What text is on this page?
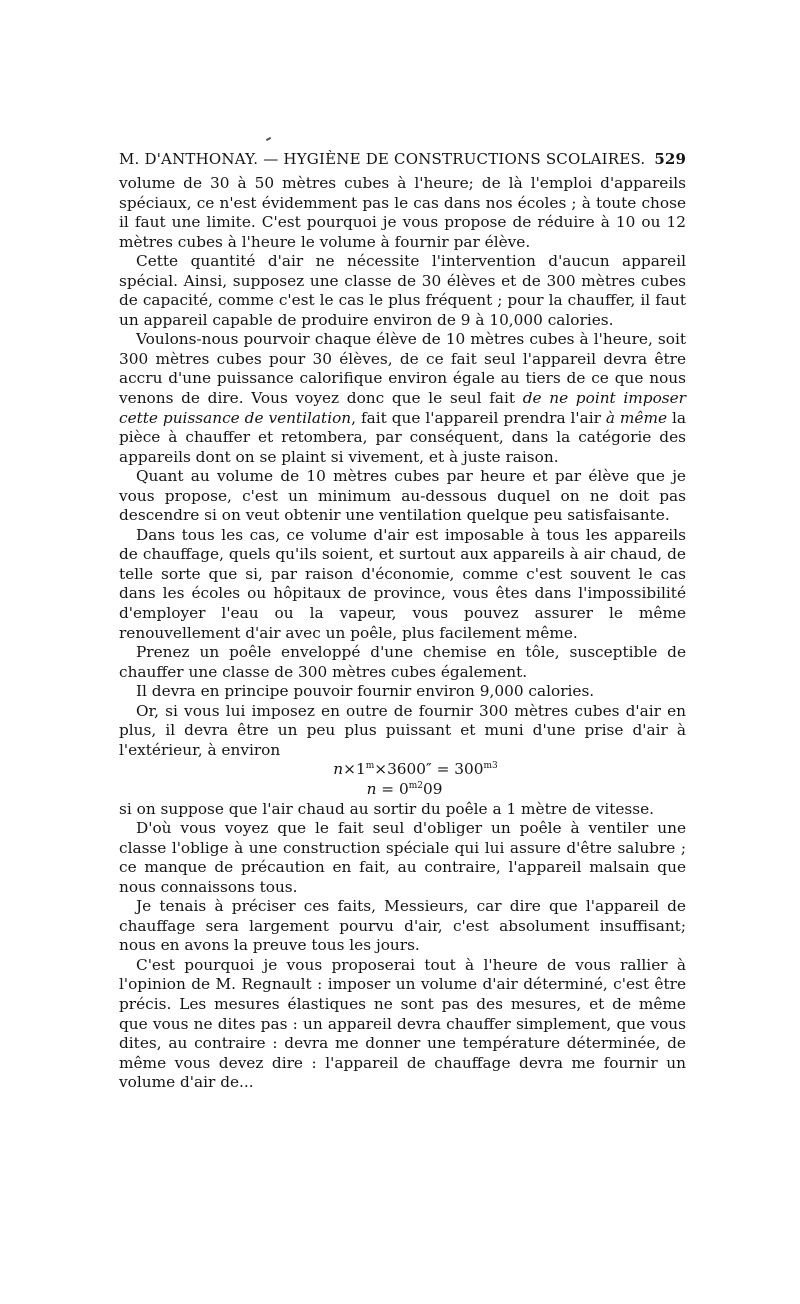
M. D'ANTHONAY. — HYGIÈNE DE CONSTRUCTIONS SCOLAIRES. 529

volume de 30 à 50 mètres cubes à l'heure; de là l'emploi d'appareils spéciaux, ce n'est évidemment pas le cas dans nos écoles ; à toute chose il faut une limite. C'est pourquoi je vous propose de réduire à 10 ou 12 mètres cubes à l'heure le volume à fournir par élève.

Cette quantité d'air ne nécessite l'intervention d'aucun appareil spécial. Ainsi, supposez une classe de 30 élèves et de 300 mètres cubes de capacité, comme c'est le cas le plus fréquent ; pour la chauffer, il faut un appareil capable de produire environ de 9 à 10,000 calories.

Voulons-nous pourvoir chaque élève de 10 mètres cubes à l'heure, soit 300 mètres cubes pour 30 élèves, de ce fait seul l'appareil devra être accru d'une puissance calorifique environ égale au tiers de ce que nous venons de dire. Vous voyez donc que le seul fait de ne point imposer cette puissance de ventilation, fait que l'appareil prendra l'air à même la pièce à chauffer et retombera, par conséquent, dans la catégorie des appareils dont on se plaint si vivement, et à juste raison.

Quant au volume de 10 mètres cubes par heure et par élève que je vous propose, c'est un minimum au-dessous duquel on ne doit pas descendre si on veut obtenir une ventilation quelque peu satisfaisante.

Dans tous les cas, ce volume d'air est imposable à tous les appareils de chauffage, quels qu'ils soient, et surtout aux appareils à air chaud, de telle sorte que si, par raison d'économie, comme c'est souvent le cas dans les écoles ou hôpitaux de province, vous êtes dans l'impossibilité d'employer l'eau ou la vapeur, vous pouvez assurer le même renouvellement d'air avec un poêle, plus facilement même.

Prenez un poêle enveloppé d'une chemise en tôle, susceptible de chauffer une classe de 300 mètres cubes également.

Il devra en principe pouvoir fournir environ 9,000 calories.

Or, si vous lui imposez en outre de fournir 300 mètres cubes d'air en plus, il devra être un peu plus puissant et muni d'une prise d'air à l'extérieur, à environ

$n\times 1^m\times 3600'' = 300^{m3}$
$n = 0^{m2}09$

si on suppose que l'air chaud au sortir du poêle a 1 mètre de vitesse.

D'où vous voyez que le fait seul d'obliger un poêle à ventiler une classe l'oblige à une construction spéciale qui lui assure d'être salubre ; ce manque de précaution en fait, au contraire, l'appareil malsain que nous connaissons tous.

Je tenais à préciser ces faits, Messieurs, car dire que l'appareil de chauffage sera largement pourvu d'air, c'est absolument insuffisant; nous en avons la preuve tous les jours.

C'est pourquoi je vous proposerai tout à l'heure de vous rallier à l'opinion de M. Regnault : imposer un volume d'air déterminé, c'est être précis. Les mesures élastiques ne sont pas des mesures, et de même que vous ne dites pas : un appareil devra chauffer simplement, que vous dites, au contraire : devra me donner une température déterminée, de même vous devez dire : l'appareil de chauffage devra me fournir un volume d'air de...
